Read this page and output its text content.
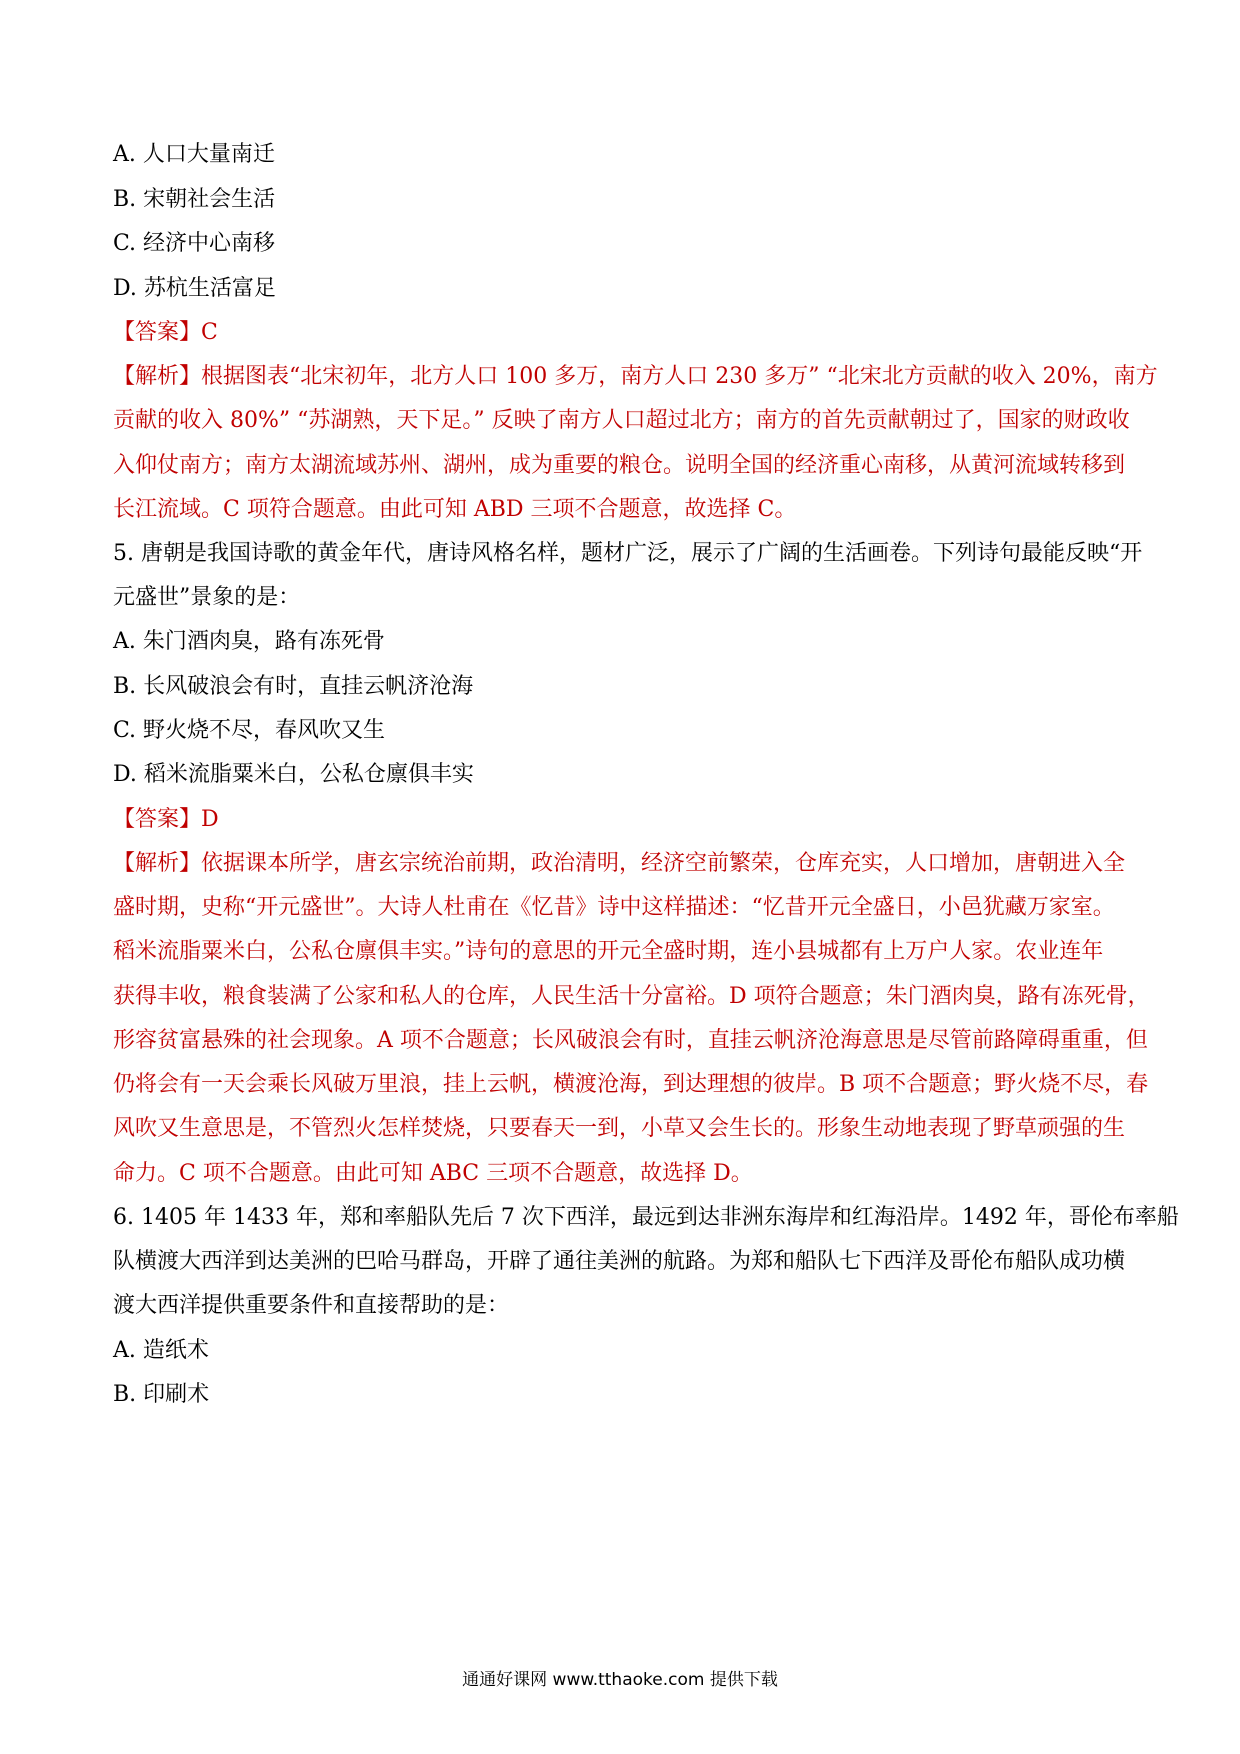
A. 人口大量南迁
B. 宋朝社会生活
C. 经济中心南移
D. 苏杭生活富足
【答案】C
【解析】根据图表“北宋初年，北方人口 100 多万，南方人口 230 多万” “北宋北方贡献的收入 20%，南方
贡献的收入 80%” “苏湖熟，天下足。” 反映了南方人口超过北方；南方的首先贡献朝过了，国家的财政收
入仰仗南方；南方太湖流域苏州、湖州，成为重要的粮仓。说明全国的经济重心南移，从黄河流域转移到
长江流域。C 项符合题意。由此可知 ABD 三项不合题意，故选择 C。
5. 唐朝是我国诗歌的黄金年代，唐诗风格名样，题材广泛，展示了广阔的生活画卷。下列诗句最能反映“开
元盛世”景象的是：
A. 朱门酒肉臭，路有冻死骨
B. 长风破浪会有时，直挂云帆济沧海
C. 野火烧不尽，春风吹又生
D. 稻米流脂粟米白，公私仓廪俱丰实
【答案】D
【解析】依据课本所学，唐玄宗统治前期，政治清明，经济空前繁荣，仓库充实，人口增加，唐朝进入全
盛时期，史称“开元盛世”。大诗人杜甫在《忆昔》诗中这样描述：“忆昔开元全盛日，小邑犹藏万家室。
稻米流脂粟米白，公私仓廪俱丰实。”诗句的意思的开元全盛时期，连小县城都有上万户人家。农业连年
获得丰收，粮食装满了公家和私人的仓库，人民生活十分富裕。D 项符合题意；朱门酒肉臭，路有冻死骨，
形容贫富悬殊的社会现象。A 项不合题意；长风破浪会有时，直挂云帆济沧海意思是尽管前路障碍重重，但
仍将会有一天会乘长风破万里浪，挂上云帆，横渡沧海，到达理想的彼岸。B 项不合题意；野火烧不尽，春
风吹又生意思是，不管烈火怎样焚烧，只要春天一到，小草又会生长的。形象生动地表现了野草顽强的生
命力。C 项不合题意。由此可知 ABC 三项不合题意，故选择 D。
6. 1405 年 1433 年，郑和率船队先后 7 次下西洋，最远到达非洲东海岸和红海沿岸。1492 年，哥伦布率船
队横渡大西洋到达美洲的巴哈马群岛，开辟了通往美洲的航路。为郑和船队七下西洋及哥伦布船队成功横
渡大西洋提供重要条件和直接帮助的是：
A. 造纸术
B. 印刷术
通通好课网 www.tthaoke.com 提供下载
